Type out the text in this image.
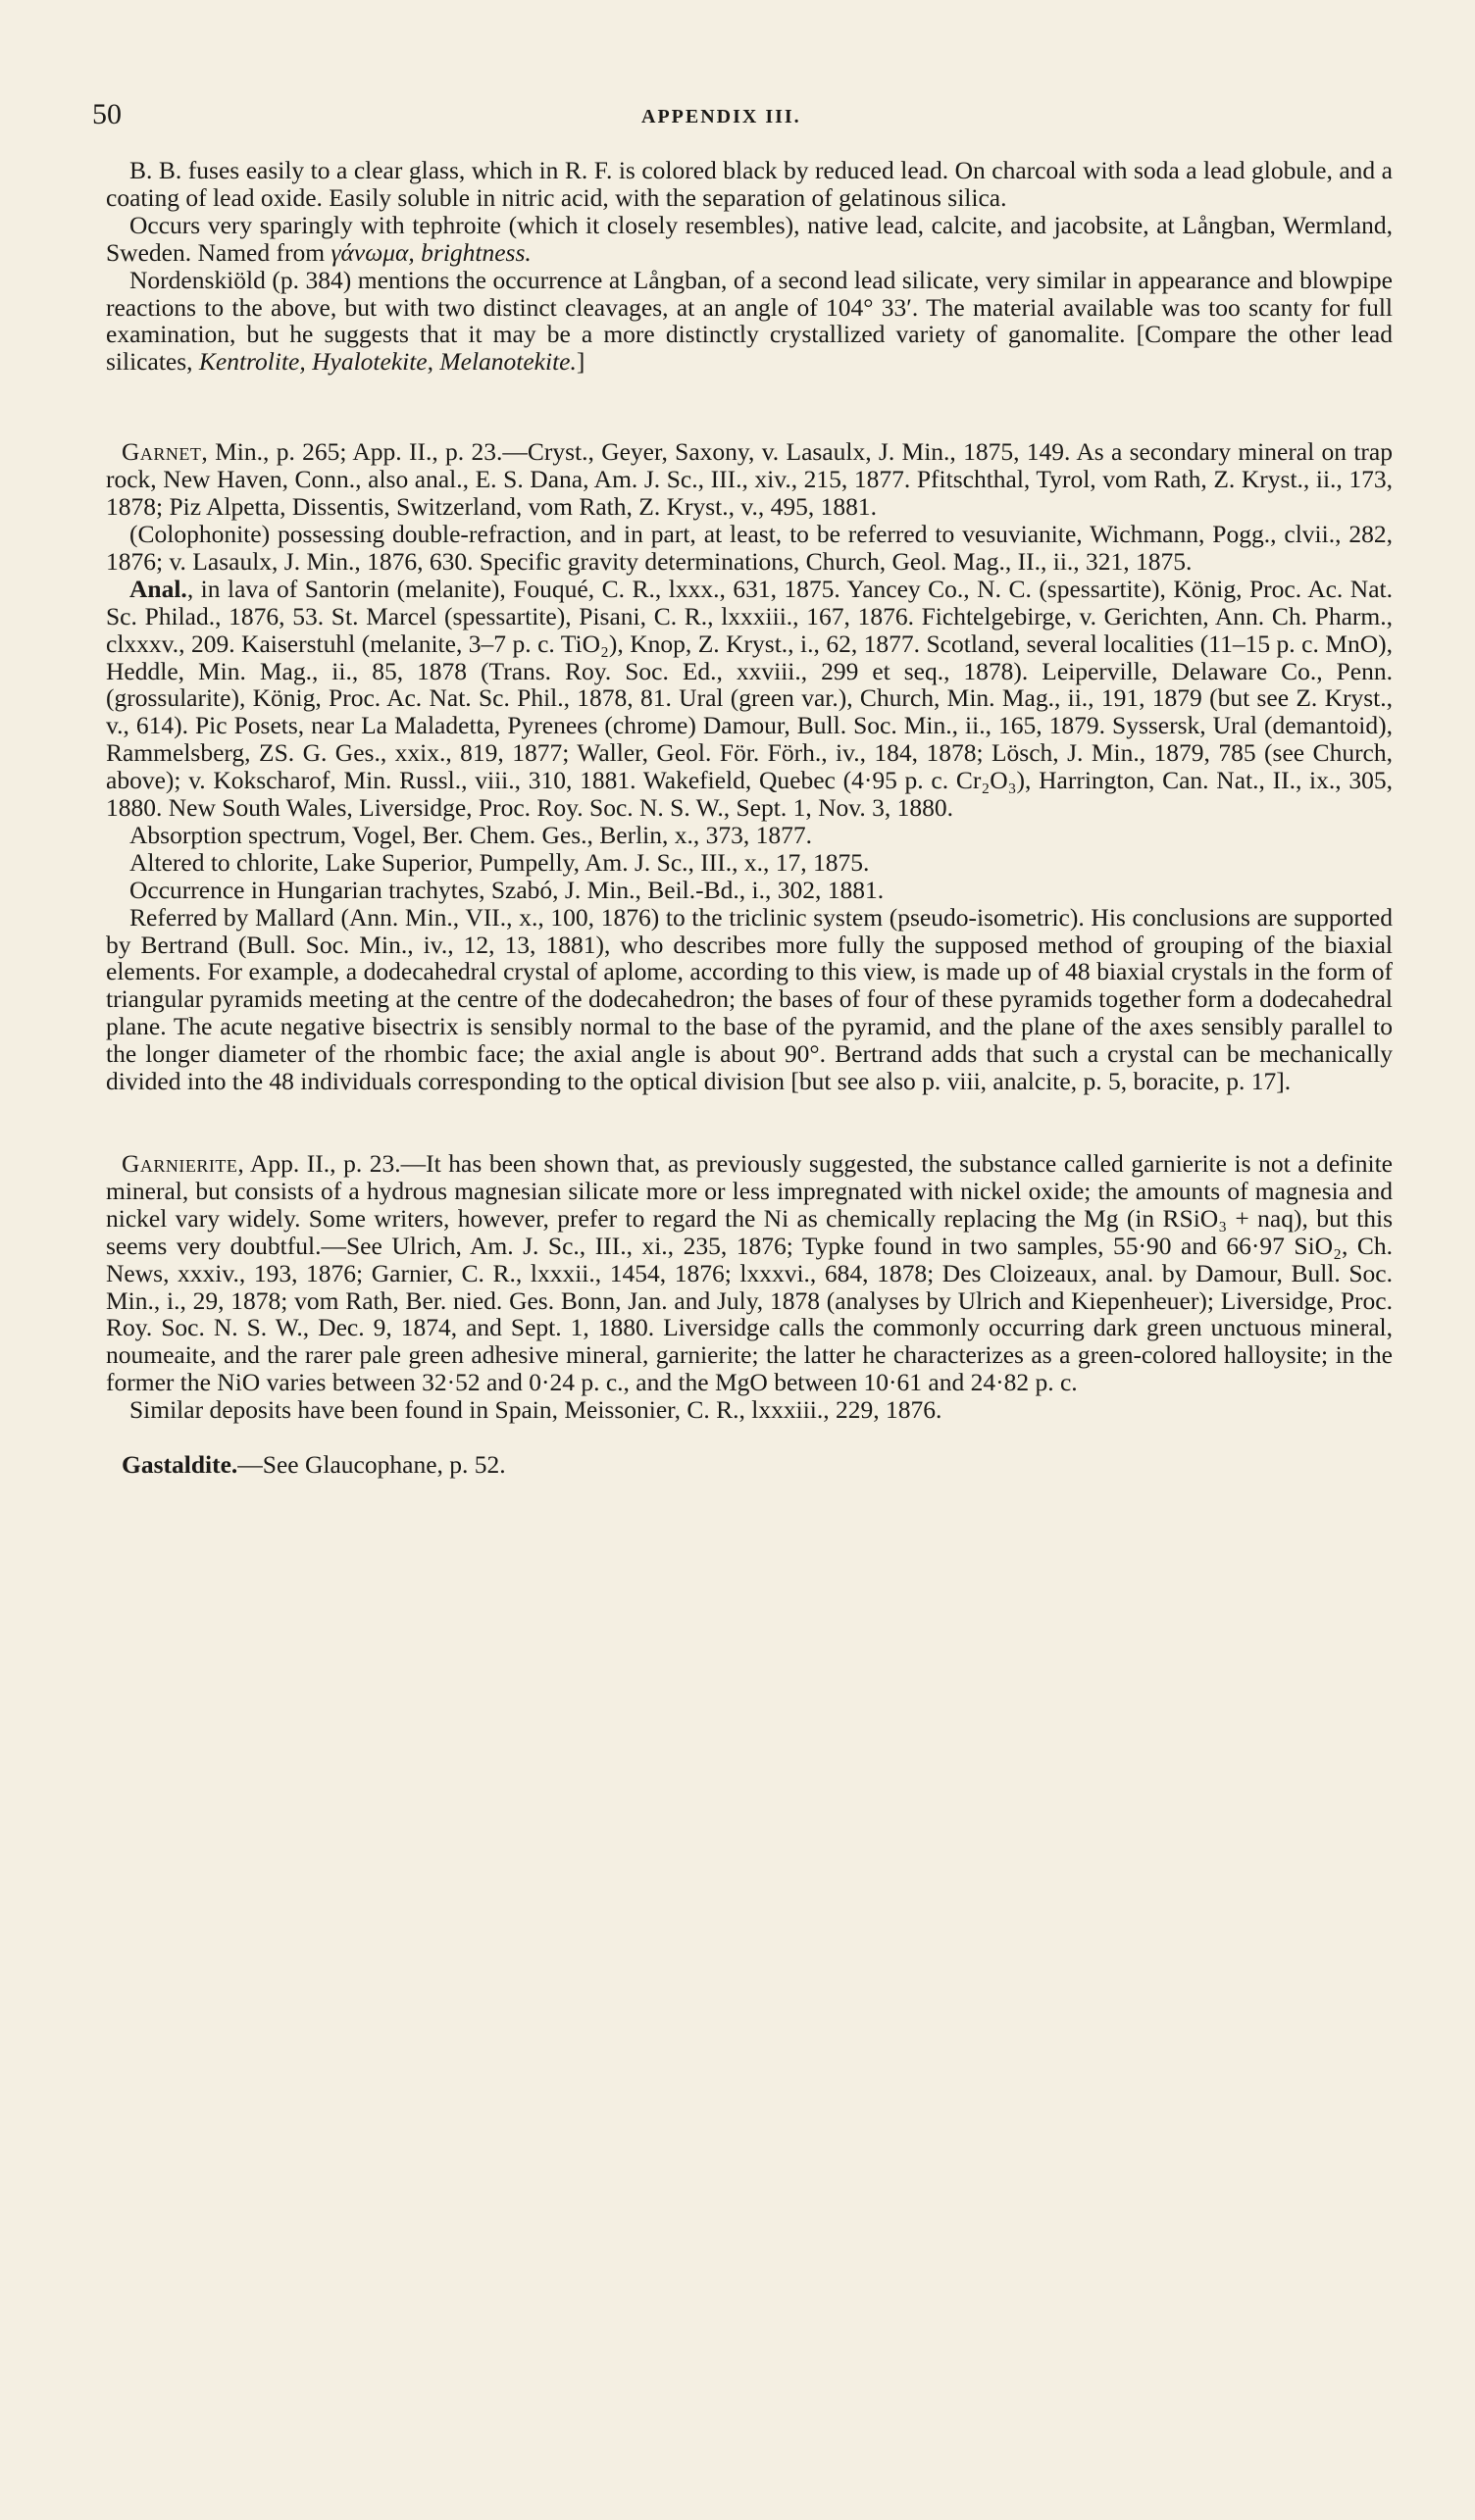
50	APPENDIX III.

B. B. fuses easily to a clear glass, which in R. F. is colored black by reduced lead. On charcoal with soda a lead globule, and a coating of lead oxide. Easily soluble in nitric acid, with the separation of gelatinous silica.

Occurs very sparingly with tephroite (which it closely resembles), native lead, calcite, and jacobsite, at Långban, Wermland, Sweden. Named from γάνωμα, brightness.

Nordenskiöld (p. 384) mentions the occurrence at Långban, of a second lead silicate, very similar in appearance and blowpipe reactions to the above, but with two distinct cleavages, at an angle of 104° 33′. The material available was too scanty for full examination, but he suggests that it may be a more distinctly crystallized variety of ganomalite. [Compare the other lead silicates, Kentrolite, Hyalotekite, Melanotekite.]

Garnet, Min., p. 265; App. II., p. 23.—Cryst., Geyer, Saxony, v. Lasaulx, J. Min., 1875, 149. As a secondary mineral on trap rock, New Haven, Conn., also anal., E. S. Dana, Am. J. Sc., III., xiv., 215, 1877. Pfitschthal, Tyrol, vom Rath, Z. Kryst., ii., 173, 1878; Piz Alpetta, Dissentis, Switzerland, vom Rath, Z. Kryst., v., 495, 1881.

(Colophonite) possessing double-refraction, and in part, at least, to be referred to vesuvianite, Wichmann, Pogg., clvii., 282, 1876; v. Lasaulx, J. Min., 1876, 630. Specific gravity determinations, Church, Geol. Mag., II., ii., 321, 1875.

Anal., in lava of Santorin (melanite), Fouqué, C. R., lxxx., 631, 1875. Yancey Co., N. C. (spessartite), König, Proc. Ac. Nat. Sc. Philad., 1876, 53. St. Marcel (spessartite), Pisani, C. R., lxxxiii., 167, 1876. Fichtelgebirge, v. Gerichten, Ann. Ch. Pharm., clxxxv., 209. Kaiserstuhl (melanite, 3–7 p. c. TiO₂), Knop, Z. Kryst., i., 62, 1877. Scotland, several localities (11–15 p. c. MnO), Heddle, Min. Mag., ii., 85, 1878 (Trans. Roy. Soc. Ed., xxviii., 299 et seq., 1878). Leiperville, Delaware Co., Penn. (grossularite), König, Proc. Ac. Nat. Sc. Phil., 1878, 81. Ural (green var.), Church, Min. Mag., ii., 191, 1879 (but see Z. Kryst., v., 614). Pic Posets, near La Maladetta, Pyrenees (chrome) Damour, Bull. Soc. Min., ii., 165, 1879. Syssersk, Ural (demantoid), Rammelsberg, ZS. G. Ges., xxix., 819, 1877; Waller, Geol. För. Förh., iv., 184, 1878; Lösch, J. Min., 1879, 785 (see Church, above); v. Kokscharof, Min. Russl., viii., 310, 1881. Wakefield, Quebec (4·95 p. c. Cr₂O₃), Harrington, Can. Nat., II., ix., 305, 1880. New South Wales, Liversidge, Proc. Roy. Soc. N. S. W., Sept. 1, Nov. 3, 1880.

Absorption spectrum, Vogel, Ber. Chem. Ges., Berlin, x., 373, 1877.

Altered to chlorite, Lake Superior, Pumpelly, Am. J. Sc., III., x., 17, 1875.

Occurrence in Hungarian trachytes, Szabó, J. Min., Beil.-Bd., i., 302, 1881.

Referred by Mallard (Ann. Min., VII., x., 100, 1876) to the triclinic system (pseudo-isometric). His conclusions are supported by Bertrand (Bull. Soc. Min., iv., 12, 13, 1881), who describes more fully the supposed method of grouping of the biaxial elements. For example, a dodecahedral crystal of aplome, according to this view, is made up of 48 biaxial crystals in the form of triangular pyramids meeting at the centre of the dodecahedron; the bases of four of these pyramids together form a dodecahedral plane. The acute negative bisectrix is sensibly normal to the base of the pyramid, and the plane of the axes sensibly parallel to the longer diameter of the rhombic face; the axial angle is about 90°. Bertrand adds that such a crystal can be mechanically divided into the 48 individuals corresponding to the optical division [but see also p. viii, analcite, p. 5, boracite, p. 17].

Garnierite, App. II., p. 23.—It has been shown that, as previously suggested, the substance called garnierite is not a definite mineral, but consists of a hydrous magnesian silicate more or less impregnated with nickel oxide; the amounts of magnesia and nickel vary widely. Some writers, however, prefer to regard the Ni as chemically replacing the Mg (in RSiO₃ + naq), but this seems very doubtful.—See Ulrich, Am. J. Sc., III., xi., 235, 1876; Typke found in two samples, 55·90 and 66·97 SiO₂, Ch. News, xxxiv., 193, 1876; Garnier, C. R., lxxxii., 1454, 1876; lxxxvi., 684, 1878; Des Cloizeaux, anal. by Damour, Bull. Soc. Min., i., 29, 1878; vom Rath, Ber. nied. Ges. Bonn, Jan. and July, 1878 (analyses by Ulrich and Kiepenheuer); Liversidge, Proc. Roy. Soc. N. S. W., Dec. 9, 1874, and Sept. 1, 1880. Liversidge calls the commonly occurring dark green unctuous mineral, noumeaite, and the rarer pale green adhesive mineral, garnierite; the latter he characterizes as a green-colored halloysite; in the former the NiO varies between 32·52 and 0·24 p. c., and the MgO between 10·61 and 24·82 p. c.

Similar deposits have been found in Spain, Meissonier, C. R., lxxxiii., 229, 1876.

Gastaldite.—See Glaucophane, p. 52.
